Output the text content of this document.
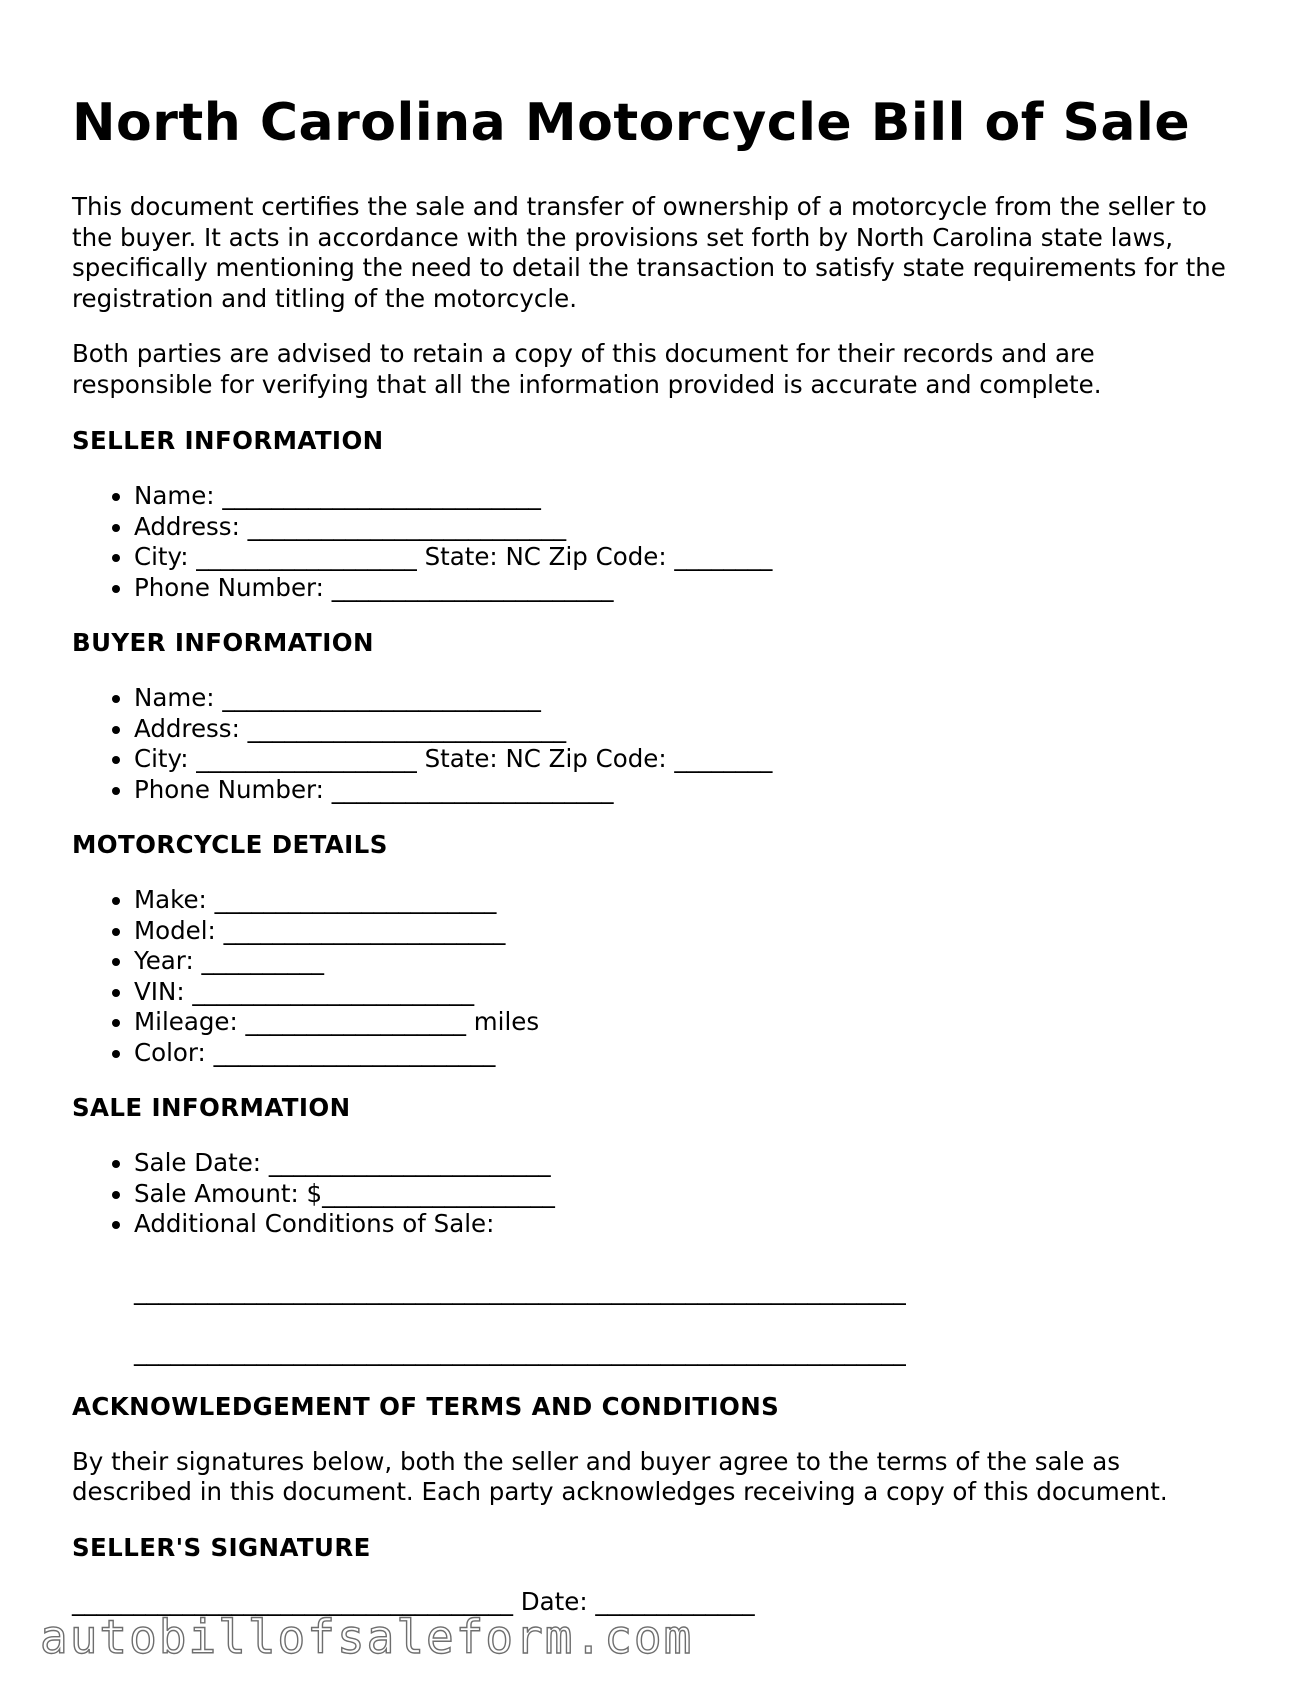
North Carolina Motorcycle Bill of Sale

This document certifies the sale and transfer of ownership of a motorcycle from the seller to the buyer. It acts in accordance with the provisions set forth by North Carolina state laws, specifically mentioning the need to detail the transaction to satisfy state requirements for the registration and titling of the motorcycle.

Both parties are advised to retain a copy of this document for their records and are responsible for verifying that all the information provided is accurate and complete.

SELLER INFORMATION
• Name: __________________________
• Address: __________________________
• City: __________________ State: NC Zip Code: ________
• Phone Number: _______________________
BUYER INFORMATION
• Name: __________________________
• Address: __________________________
• City: __________________ State: NC Zip Code: ________
• Phone Number: _______________________
MOTORCYCLE DETAILS
• Make: _______________________
• Model: _______________________
• Year: __________
• VIN: _______________________
• Mileage: __________________ miles
• Color: _______________________
SALE INFORMATION
• Sale Date: _______________________
• Sale Amount: $___________________
• Additional Conditions of Sale:
_______________________________________________________________
_______________________________________________________________
ACKNOWLEDGEMENT OF TERMS AND CONDITIONS

By their signatures below, both the seller and buyer agree to the terms of the sale as described in this document. Each party acknowledges receiving a copy of this document.

SELLER'S SIGNATURE
____________________________________ Date: _____________
autobillofsaleform.com
